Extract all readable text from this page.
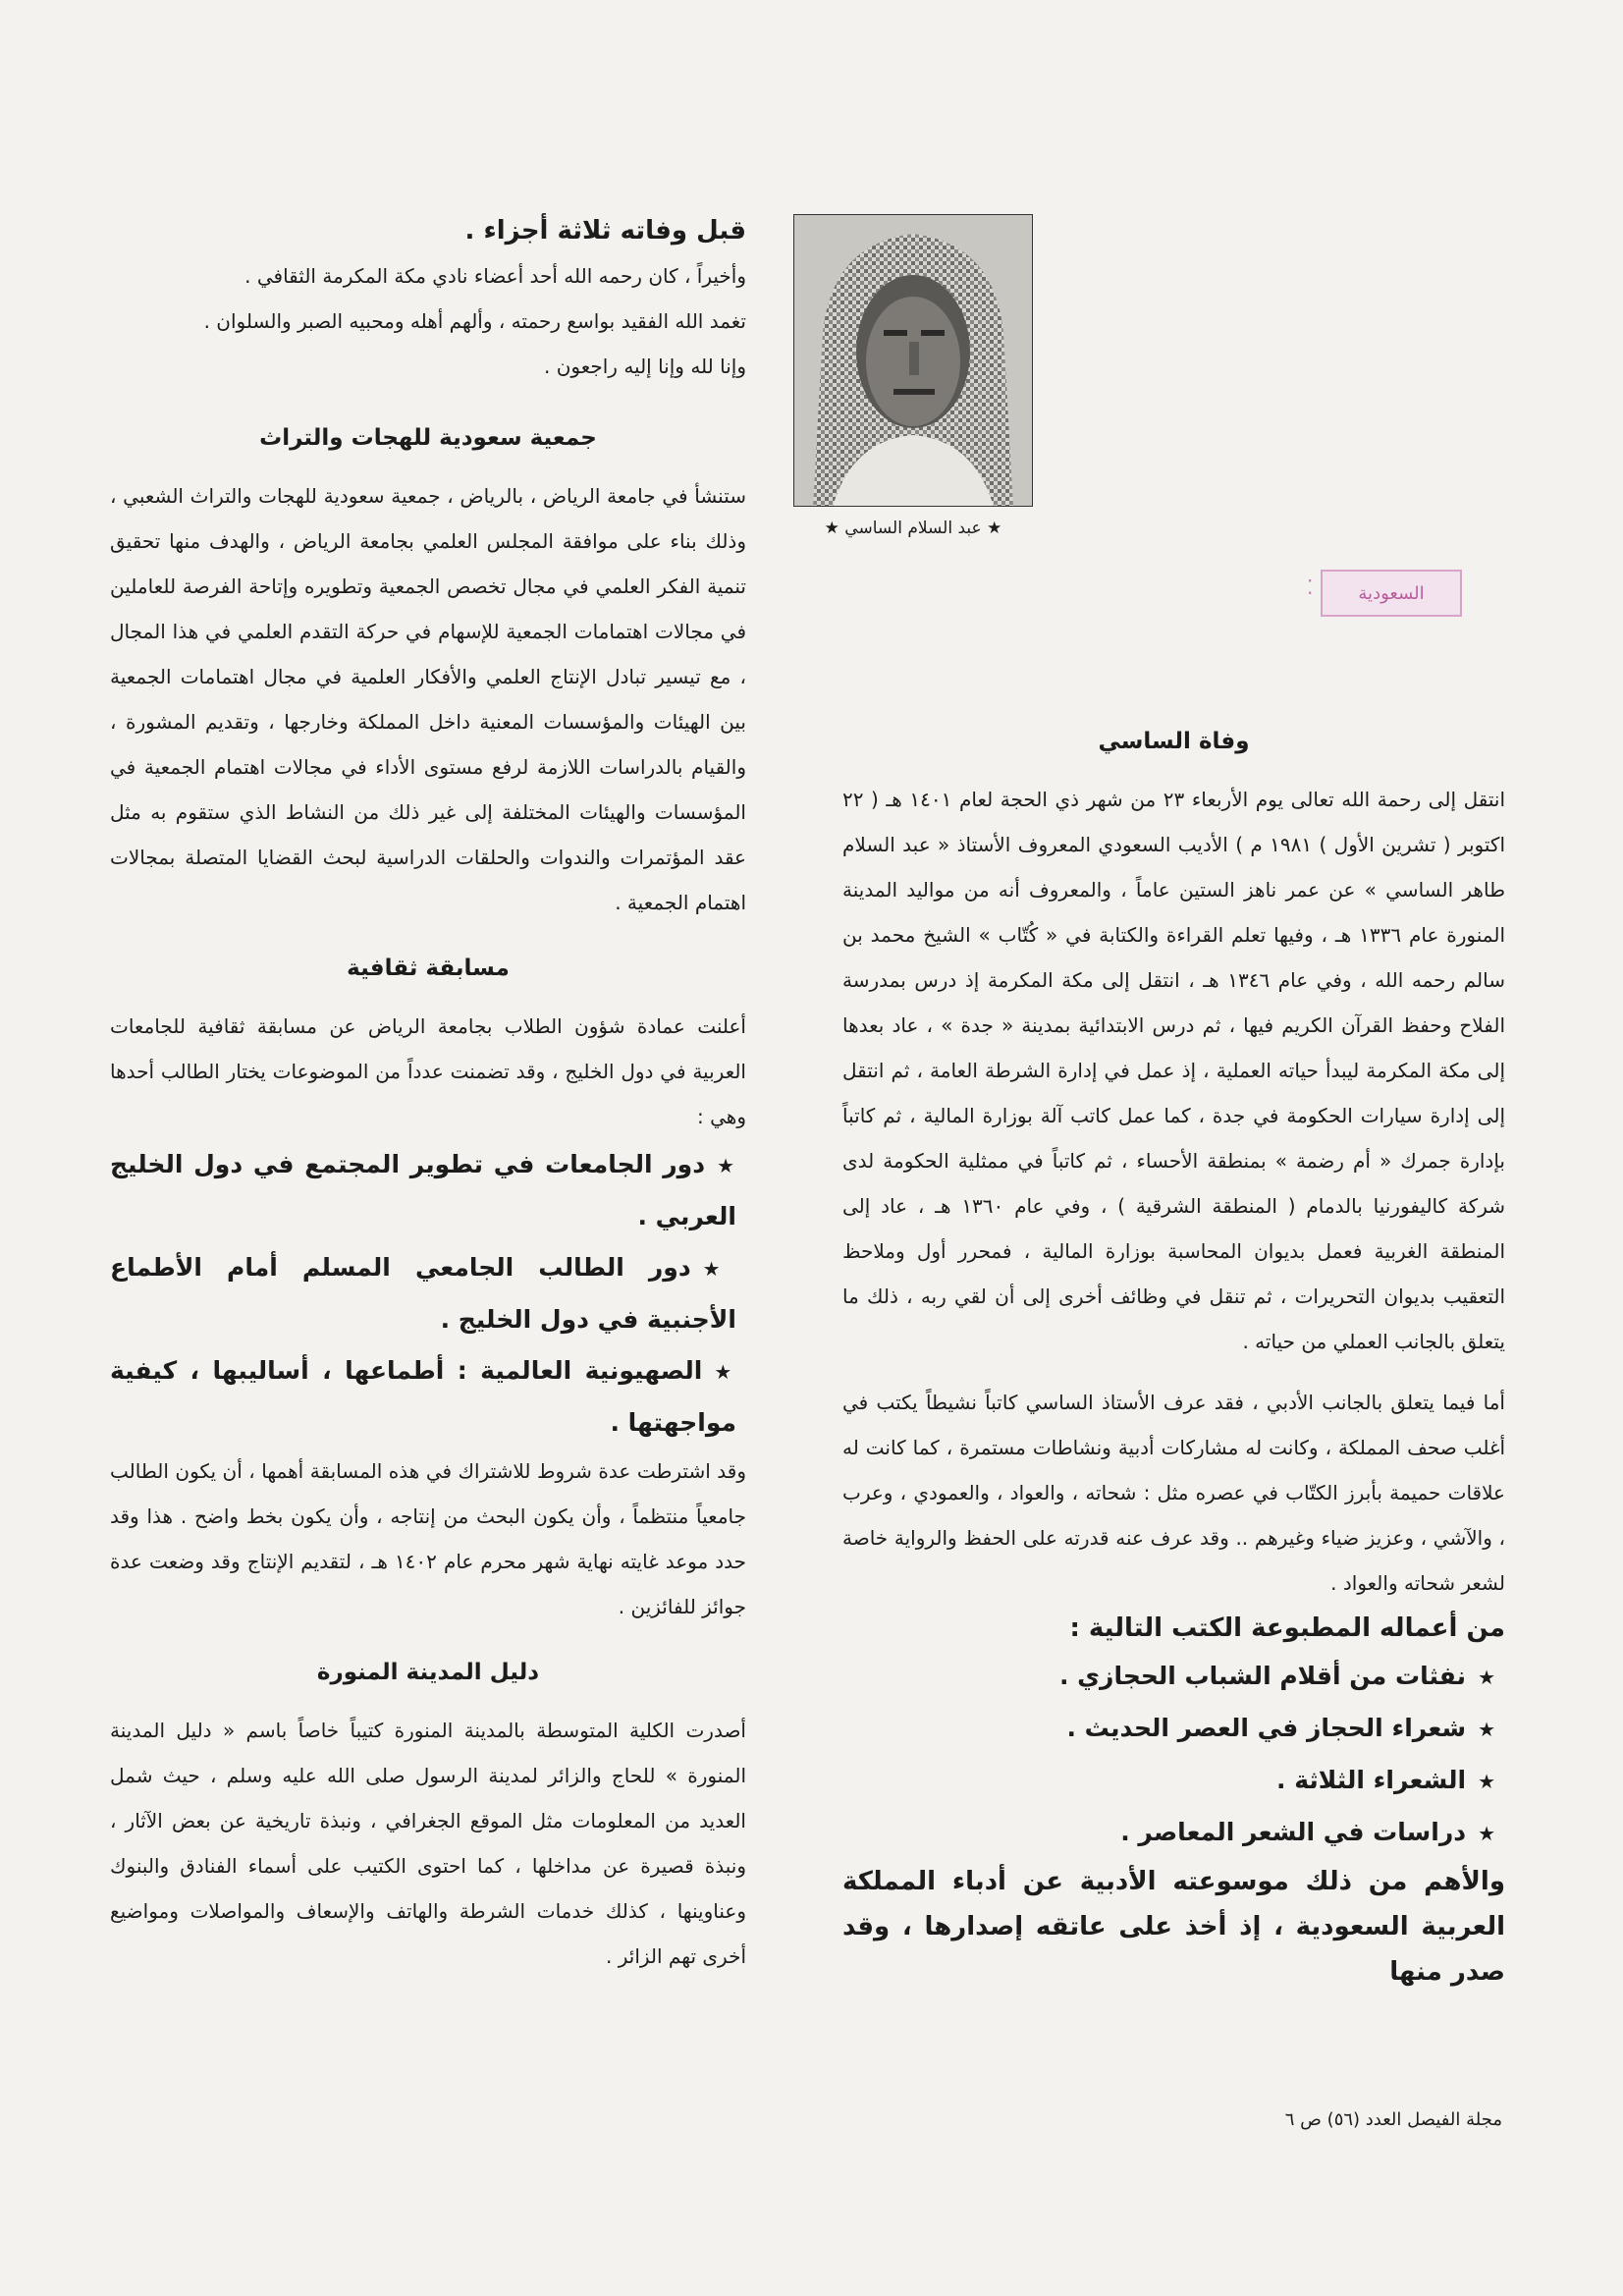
قبل وفاته ثلاثة أجزاء .

وأخيراً ، كان رحمه الله أحد أعضاء نادي مكة المكرمة الثقافي .

تغمد الله الفقيد بواسع رحمته ، وألهم أهله ومحبيه الصبر والسلوان .

وإنا لله وإنا إليه راجعون .

جمعية سعودية للهجات والتراث

ستنشأ في جامعة الرياض ، بالرياض ، جمعية سعودية للهجات والتراث الشعبي ، وذلك بناء على موافقة المجلس العلمي بجامعة الرياض ، والهدف منها تحقيق تنمية الفكر العلمي في مجال تخصص الجمعية وتطويره وإتاحة الفرصة للعاملين في مجالات اهتمامات الجمعية للإسهام في حركة التقدم العلمي في هذا المجال ، مع تيسير تبادل الإنتاج العلمي والأفكار العلمية في مجال اهتمامات الجمعية بين الهيئات والمؤسسات المعنية داخل المملكة وخارجها ، وتقديم المشورة ، والقيام بالدراسات اللازمة لرفع مستوى الأداء في مجالات اهتمام الجمعية في المؤسسات والهيئات المختلفة إلى غير ذلك من النشاط الذي ستقوم به مثل عقد المؤتمرات والندوات والحلقات الدراسية لبحث القضايا المتصلة بمجالات اهتمام الجمعية .

مسابقة ثقافية

أعلنت عمادة شؤون الطلاب بجامعة الرياض عن مسابقة ثقافية للجامعات العربية في دول الخليج ، وقد تضمنت عدداً من الموضوعات يختار الطالب أحدها وهي :

★دور الجامعات في تطوير المجتمع في دول الخليج العربي .

★دور الطالب الجامعي المسلم أمام الأطماع الأجنبية في دول الخليج .

★الصهيونية العالمية : أطماعها ، أساليبها ، كيفية مواجهتها .

وقد اشترطت عدة شروط للاشتراك في هذه المسابقة أهمها ، أن يكون الطالب جامعياً منتظماً ، وأن يكون البحث من إنتاجه ، وأن يكون بخط واضح . هذا وقد حدد موعد غايته نهاية شهر محرم عام ١٤٠٢ هـ ، لتقديم الإنتاج وقد وضعت عدة جوائز للفائزين .

دليل المدينة المنورة

أصدرت الكلية المتوسطة بالمدينة المنورة كتيباً خاصاً باسم « دليل المدينة المنورة » للحاج والزائر لمدينة الرسول صلى الله عليه وسلم ، حيث شمل العديد من المعلومات مثل الموقع الجغرافي ، ونبذة تاريخية عن بعض الآثار ، ونبذة قصيرة عن مداخلها ، كما احتوى الكتيب على أسماء الفنادق والبنوك وعناوينها ، كذلك خدمات الشرطة والهاتف والإسعاف والمواصلات ومواضيع أخرى تهم الزائر .

★ عبد السلام الساسي ★
⁚	السعودية

وفاة الساسي

انتقل إلى رحمة الله تعالى يوم الأربعاء ٢٣ من شهر ذي الحجة لعام ١٤٠١ هـ ( ٢٢ اكتوبر ( تشرين الأول ) ١٩٨١ م ) الأديب السعودي المعروف الأستاذ « عبد السلام طاهر الساسي » عن عمر ناهز الستين عاماً ، والمعروف أنه من مواليد المدينة المنورة عام ١٣٣٦ هـ ، وفيها تعلم القراءة والكتابة في « كُتّاب » الشيخ محمد بن سالم رحمه الله ، وفي عام ١٣٤٦ هـ ، انتقل إلى مكة المكرمة إذ درس بمدرسة الفلاح وحفظ القرآن الكريم فيها ، ثم درس الابتدائية بمدينة « جدة » ، عاد بعدها إلى مكة المكرمة ليبدأ حياته العملية ، إذ عمل في إدارة الشرطة العامة ، ثم انتقل إلى إدارة سيارات الحكومة في جدة ، كما عمل كاتب آلة بوزارة المالية ، ثم كاتباً بإدارة جمرك « أم رضمة » بمنطقة الأحساء ، ثم كاتباً في ممثلية الحكومة لدى شركة كاليفورنيا بالدمام ( المنطقة الشرقية ) ، وفي عام ١٣٦٠ هـ ، عاد إلى المنطقة الغربية فعمل بديوان المحاسبة بوزارة المالية ، فمحرر أول وملاحظ التعقيب بديوان التحريرات ، ثم تنقل في وظائف أخرى إلى أن لقي ربه ، ذلك ما يتعلق بالجانب العملي من حياته .

أما فيما يتعلق بالجانب الأدبي ، فقد عرف الأستاذ الساسي كاتباً نشيطاً يكتب في أغلب صحف المملكة ، وكانت له مشاركات أدبية ونشاطات مستمرة ، كما كانت له علاقات حميمة بأبرز الكتّاب في عصره مثل : شحاته ، والعواد ، والعمودي ، وعرب ، والآشي ، وعزيز ضياء وغيرهم .. وقد عرف عنه قدرته على الحفظ والرواية خاصة لشعر شحاته والعواد .

من أعماله المطبوعة الكتب التالية :

★نفثات من أقلام الشباب الحجازي .

★شعراء الحجاز في العصر الحديث .

★الشعراء الثلاثة .

★دراسات في الشعر المعاصر .

والأهم من ذلك موسوعته الأدبية عن أدباء المملكة العربية السعودية ، إذ أخذ على عاتقه إصدارها ، وقد صدر منها

مجلة الفيصل العدد (٥٦) ص ٦
